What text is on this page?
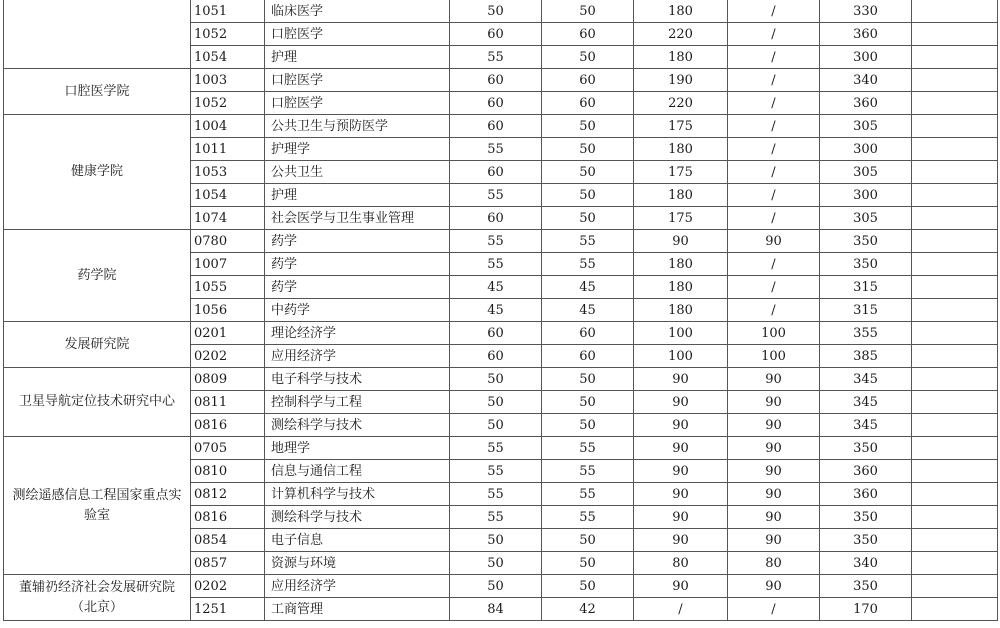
	1051	临床医学	50	50	180	/	330	
	1052	口腔医学	60	60	220	/	360	
	1054	护理	55	50	180	/	300	
口腔医学院	1003	口腔医学	60	60	190	/	340	
	1052	口腔医学	60	60	220	/	360	
健康学院	1004	公共卫生与预防医学	60	50	175	/	305	
	1011	护理学	55	50	180	/	300	
	1053	公共卫生	60	50	175	/	305	
	1054	护理	55	50	180	/	300	
	1074	社会医学与卫生事业管理	60	50	175	/	305	
药学院	0780	药学	55	55	90	90	350	
	1007	药学	55	55	180	/	350	
	1055	药学	45	45	180	/	315	
	1056	中药学	45	45	180	/	315	
发展研究院	0201	理论经济学	60	60	100	100	355	
	0202	应用经济学	60	60	100	100	385	
卫星导航定位技术研究中心	0809	电子科学与技术	50	50	90	90	345	
	0811	控制科学与工程	50	50	90	90	345	
	0816	测绘科学与技术	50	50	90	90	345	
测绘遥感信息工程国家重点实验室	0705	地理学	55	55	90	90	350	
	0810	信息与通信工程	55	55	90	90	360	
	0812	计算机科学与技术	55	55	90	90	360	
	0816	测绘科学与技术	55	55	90	90	350	
	0854	电子信息	50	50	90	90	350	
	0857	资源与环境	50	50	80	80	340	
董辅礽经济社会发展研究院（北京）	0202	应用经济学	50	50	90	90	350	
	1251	工商管理	84	42	/	/	170	
